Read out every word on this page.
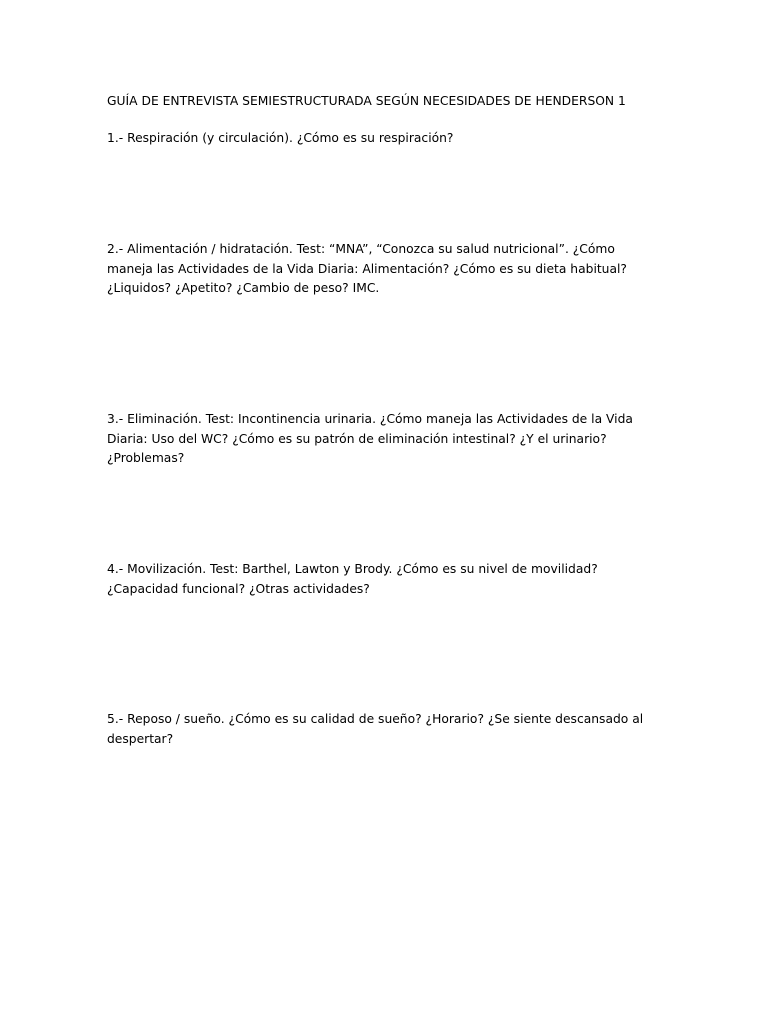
GUÍA DE ENTREVISTA SEMIESTRUCTURADA SEGÚN NECESIDADES DE HENDERSON 1

1.- Respiración (y circulación). ¿Cómo es su respiración?

2.- Alimentación / hidratación. Test: “MNA”, “Conozca su salud nutricional”. ¿Cómo maneja las Actividades de la Vida Diaria: Alimentación? ¿Cómo es su dieta habitual? ¿Liquidos? ¿Apetito? ¿Cambio de peso? IMC.

3.- Eliminación. Test: Incontinencia urinaria. ¿Cómo maneja las Actividades de la Vida Diaria: Uso del WC? ¿Cómo es su patrón de eliminación intestinal? ¿Y el urinario? ¿Problemas?

4.- Movilización. Test: Barthel, Lawton y Brody. ¿Cómo es su nivel de movilidad? ¿Capacidad funcional? ¿Otras actividades?

5.- Reposo / sueño. ¿Cómo es su calidad de sueño? ¿Horario? ¿Se siente descansado al despertar?
